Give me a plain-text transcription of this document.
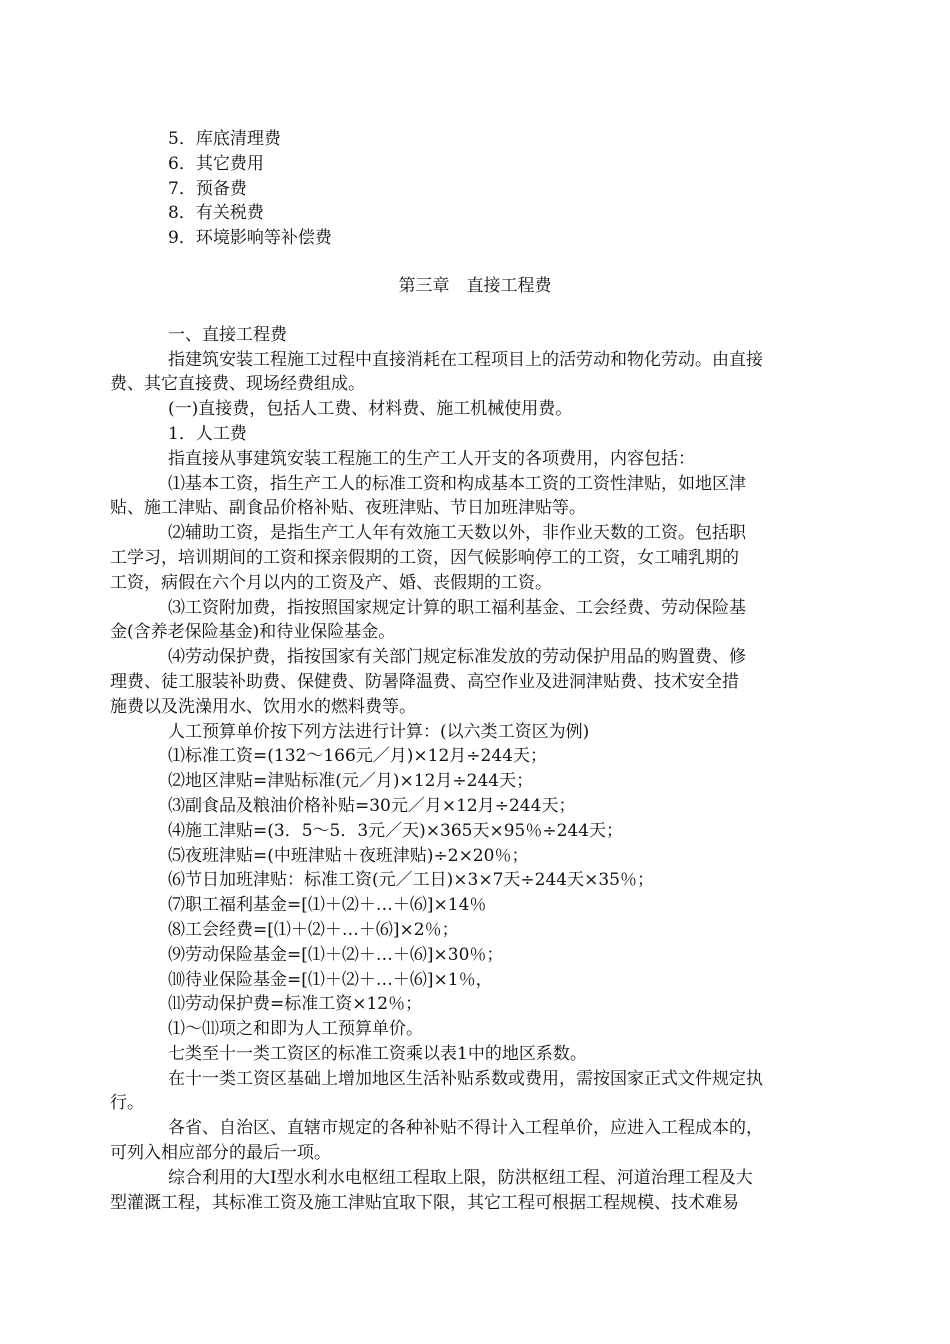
5．库底清理费
6．其它费用
7．预备费
8．有关税费
9．环境影响等补偿费
第三章　直接工程费
一、直接工程费
指建筑安装工程施工过程中直接消耗在工程项目上的活劳动和物化劳动。由直接
费、其它直接费、现场经费组成。
(一)直接费，包括人工费、材料费、施工机械使用费。
1．人工费
指直接从事建筑安装工程施工的生产工人开支的各项费用，内容包括：
⑴基本工资，指生产工人的标准工资和构成基本工资的工资性津贴，如地区津
贴、施工津贴、副食品价格补贴、夜班津贴、节日加班津贴等。
⑵辅助工资，是指生产工人年有效施工天数以外，非作业天数的工资。包括职
工学习，培训期间的工资和探亲假期的工资，因气候影响停工的工资，女工哺乳期的
工资，病假在六个月以内的工资及产、婚、丧假期的工资。
⑶工资附加费，指按照国家规定计算的职工福利基金、工会经费、劳动保险基
金(含养老保险基金)和待业保险基金。
⑷劳动保护费，指按国家有关部门规定标准发放的劳动保护用品的购置费、修
理费、徒工服装补助费、保健费、防暑降温费、高空作业及进洞津贴费、技术安全措
施费以及洗澡用水、饮用水的燃料费等。
人工预算单价按下列方法进行计算：(以六类工资区为例)
⑴标准工资=(132～166元／月)×12月÷244天；
⑵地区津贴=津贴标准(元／月)×12月÷244天；
⑶副食品及粮油价格补贴=30元／月×12月÷244天；
⑷施工津贴=(3．5～5．3元／天)×365天×95％÷244天；
⑸夜班津贴=(中班津贴＋夜班津贴)÷2×20％；
⑹节日加班津贴：标准工资(元／工日)×3×7天÷244天×35％；
⑺职工福利基金=[⑴＋⑵＋…＋⑹]×14％
⑻工会经费=[⑴＋⑵＋…＋⑹]×2％；
⑼劳动保险基金=[⑴＋⑵＋…＋⑹]×30％；
⑽待业保险基金=[⑴＋⑵＋…＋⑹]×1％，
⑾劳动保护费=标准工资×12％；
⑴～⑾项之和即为人工预算单价。
七类至十一类工资区的标准工资乘以表1中的地区系数。
在十一类工资区基础上增加地区生活补贴系数或费用，需按国家正式文件规定执
行。
各省、自治区、直辖市规定的各种补贴不得计入工程单价，应进入工程成本的，
可列入相应部分的最后一项。
综合利用的大Ⅰ型水利水电枢纽工程取上限，防洪枢纽工程、河道治理工程及大
型灌溉工程，其标准工资及施工津贴宜取下限，其它工程可根据工程规模、技术难易
